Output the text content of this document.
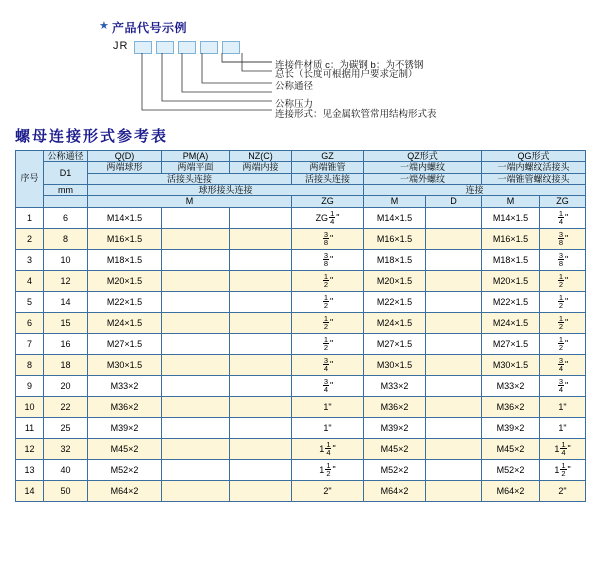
★ 产品代号示例
JR
连接件材质 c：为碳钢 b：为不锈钢
总长（长度可根据用户要求定制）
公称通径
公称压力
连接形式：见金属软管常用结构形式表
螺母连接形式参考表
序号	公称通径	Q(D)	PM(A)	NZ(C)	GZ	QZ形式		QG形式	
	D1	两端球形	两端平面	两端内接	两端锥管	一端内螺纹		一端内螺纹活接头	
		活接头连接			活接头连接	一端外螺纹		一端锥管螺纹接头	
	mm	球形接头连接				连接			
		M			ZG	M	D	M	ZG
1	6	M14×1.5			ZG $\frac{1}{4}$ "	M14×1.5		M14×1.5	$\frac{1}{4}$ "
2	8	M16×1.5			$\frac{3}{8}$ "	M16×1.5		M16×1.5	$\frac{3}{8}$ "
3	10	M18×1.5			$\frac{3}{8}$ "	M18×1.5		M18×1.5	$\frac{3}{8}$ "
4	12	M20×1.5			$\frac{1}{2}$ "	M20×1.5		M20×1.5	$\frac{1}{2}$ "
5	14	M22×1.5			$\frac{1}{2}$ "	M22×1.5		M22×1.5	$\frac{1}{2}$ "
6	15	M24×1.5			$\frac{1}{2}$ "	M24×1.5		M24×1.5	$\frac{1}{2}$ "
7	16	M27×1.5			$\frac{1}{2}$ "	M27×1.5		M27×1.5	$\frac{1}{2}$ "
8	18	M30×1.5			$\frac{3}{4}$ "	M30×1.5		M30×1.5	$\frac{3}{4}$ "
9	20	M33×2			$\frac{3}{4}$ "	M33×2		M33×2	$\frac{3}{4}$ "
10	22	M36×2			1"	M36×2		M36×2	1"
11	25	M39×2			1"	M39×2		M39×2	1"
12	32	M45×2			$1 \frac{1}{4}$ "	M45×2		M45×2	$1 \frac{1}{4}$ "
13	40	M52×2			$1 \frac{1}{2}$ "	M52×2		M52×2	$1 \frac{1}{2}$ "
14	50	M64×2			2"	M64×2		M64×2	2"
